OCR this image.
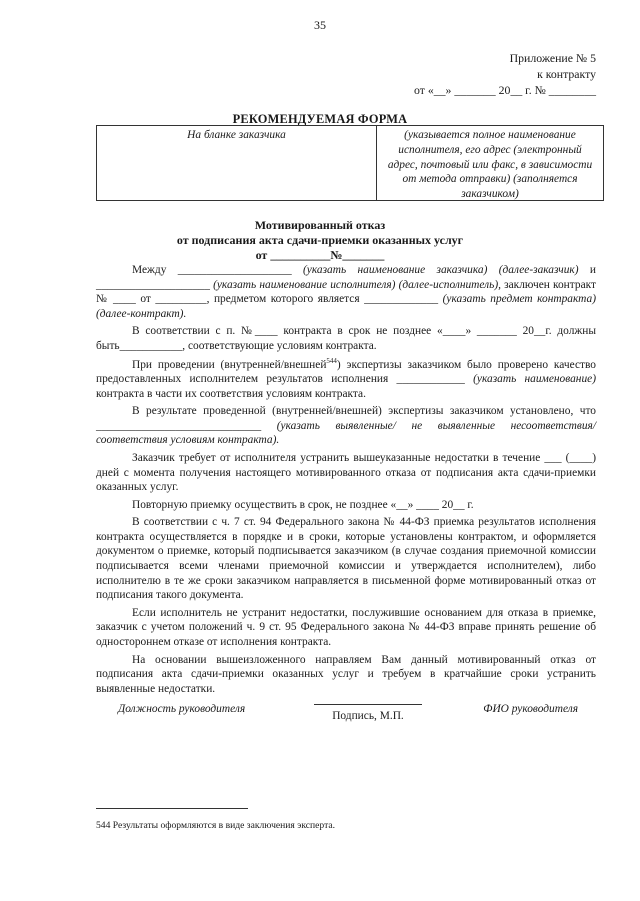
35
Приложение № 5
к контракту
от «__» _______ 20__ г. № ________
РЕКОМЕНДУЕМАЯ ФОРМА
На бланке заказчика	(указывается полное наименование исполнителя, его адрес (электронный адрес, почтовый или факс, в зависимости от метода отправки) (заполняется заказчиком)
Мотивированный отказ
от подписания акта сдачи-приемки оказанных услуг
от __________№_______

Между ____________________ (указать наименование заказчика) (далее-заказчик) и ____________________ (указать наименование исполнителя) (далее-исполнитель), заключен контракт № ____ от _________, предметом которого является _____________ (указать предмет контракта) (далее-контракт).

В соответствии с п. №____ контракта в срок не позднее «____» _______ 20__г. должны быть___________, соответствующие условиям контракта.

При проведении (внутренней/внешней$^{544}$) экспертизы заказчиком было проверено качество предоставленных исполнителем результатов исполнения ____________ (указать наименование) контракта в части их соответствия условиям контракта.

В результате проведенной (внутренней/внешней) экспертизы заказчиком установлено, что _____________________________ (указать выявленные/ не выявленные несоответствия/соответствия условиям контракта).

Заказчик требует от исполнителя устранить вышеуказанные недостатки в течение ___ (____) дней с момента получения настоящего мотивированного отказа от подписания акта сдачи-приемки оказанных услуг.

Повторную приемку осуществить в срок, не позднее «__» ____ 20__ г.

В соответствии с ч. 7 ст. 94 Федерального закона № 44-ФЗ приемка результатов исполнения контракта осуществляется в порядке и в сроки, которые установлены контрактом, и оформляется документом о приемке, который подписывается заказчиком (в случае создания приемочной комиссии подписывается всеми членами приемочной комиссии и утверждается исполнителем), либо исполнителю в те же сроки заказчиком направляется в письменной форме мотивированный отказ от подписания такого документа.

Если исполнитель не устранит недостатки, послужившие основанием для отказа в приемке, заказчик с учетом положений ч. 9 ст. 95 Федерального закона № 44-ФЗ вправе принять решение об одностороннем отказе от исполнения контракта.

На основании вышеизложенного направляем Вам данный мотивированный отказ от подписания акта сдачи-приемки оказанных услуг и требуем в кратчайшие сроки устранить выявленные недостатки.

Должность руководителя
Подпись, М.П.
ФИО руководителя
544 Результаты оформляются в виде заключения эксперта.
